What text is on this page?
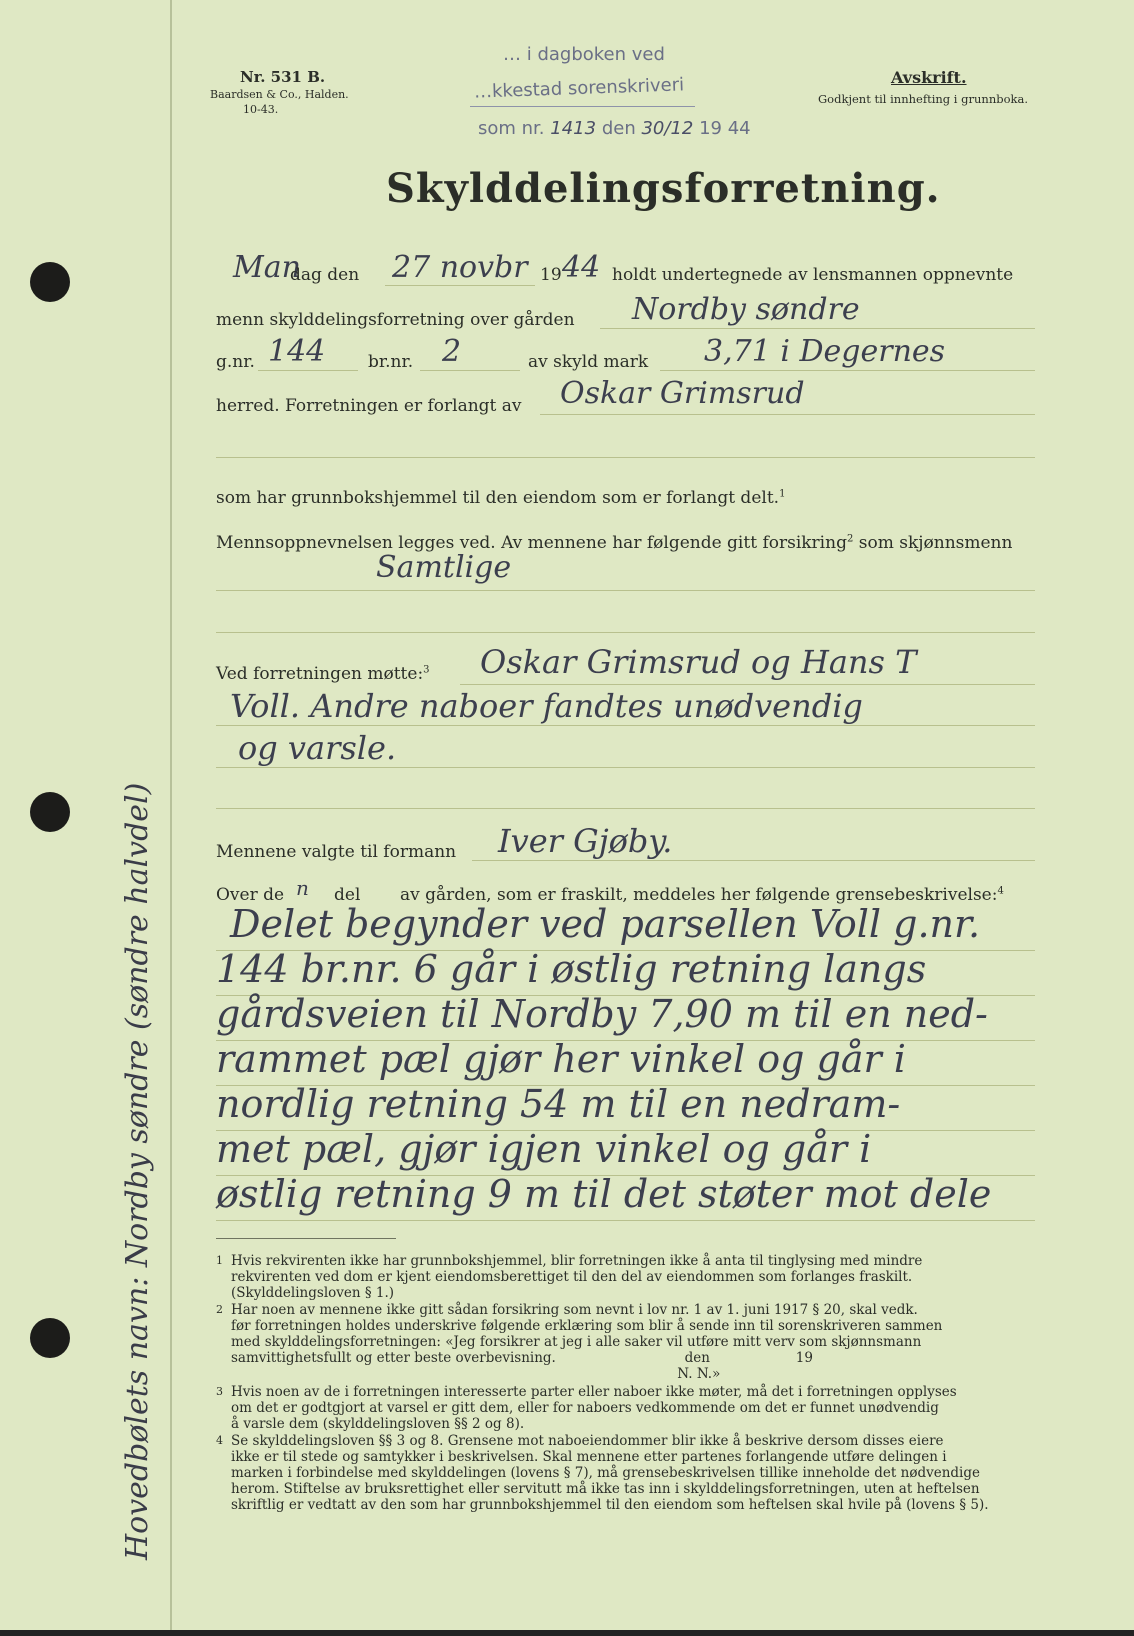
Hovedbølets navn: Nordby søndre (søndre halvdel)
Nr. 531 B.
Baardsen & Co., Halden.
10-43.
Avskrift.
Godkjent til innhefting i grunnboka.
… i dagboken ved
…kkestad sorenskriveri
som nr. 1413 den 30/12 19 44
Skylddelingsforretning.
Man
dag den 27 novbr 19 44 holdt undertegnede av lensmannen oppnevnte
menn skylddelingsforretning over gården Nordby søndre
g.nr. 144	br.nr. 2	av skyld mark 3,71 i Degernes
herred. Forretningen er forlangt av Oskar Grimsrud
som har grunnbokshjemmel til den eiendom som er forlangt delt.$^1$
Mennsoppnevnelsen legges ved. Av mennene har følgende gitt forsikring$^2$ som skjønnsmenn
Samtlige
Ved forretningen møtte:$^3$ Oskar Grimsrud og Hans T
Voll. Andre naboer fandtes unødvendig
og varsle.
Mennene valgte til formann Iver Gjøby.
Over de n del av gården, som er fraskilt, meddeles her følgende grensebeskrivelse:$^4$
Delet begynder ved parsellen Voll g.nr.
144 br.nr. 6 går i østlig retning langs
gårdsveien til Nordby 7,90 m til en ned-
rammet pæl gjør her vinkel og går i
nordlig retning 54 m til en nedram-
met pæl, gjør igjen vinkel og går i
østlig retning 9 m til det støter mot dele
1 Hvis rekvirenten ikke har grunnbokshjemmel, blir forretningen ikke å anta til tinglysing med mindre
rekvirenten ved dom er kjent eiendomsberettiget til den del av eiendommen som forlanges fraskilt.
(Skylddelingsloven § 1.)
2 Har noen av mennene ikke gitt sådan forsikring som nevnt i lov nr. 1 av 1. juni 1917 § 20, skal vedk.
før forretningen holdes underskrive følgende erklæring som blir å sende inn til sorenskriveren sammen
med skylddelingsforretningen: «Jeg forsikrer at jeg i alle saker vil utføre mitt verv som skjønnsmann
samvittighetsfullt og etter beste overbevisning.                              den                    19
N. N.»
3 Hvis noen av de i forretningen interesserte parter eller naboer ikke møter, må det i forretningen opplyses
om det er godtgjort at varsel er gitt dem, eller for naboers vedkommende om det er funnet unødvendig
å varsle dem (skylddelingsloven §§ 2 og 8).
4 Se skylddelingsloven §§ 3 og 8. Grensene mot naboeiendommer blir ikke å beskrive dersom disses eiere
ikke er til stede og samtykker i beskrivelsen. Skal mennene etter partenes forlangende utføre delingen i
marken i forbindelse med skylddelingen (lovens § 7), må grensebeskrivelsen tillike inneholde det nødvendige
herom. Stiftelse av bruksrettighet eller servitutt må ikke tas inn i skylddelingsforretningen, uten at heftelsen
skriftlig er vedtatt av den som har grunnbokshjemmel til den eiendom som heftelsen skal hvile på (lovens § 5).
